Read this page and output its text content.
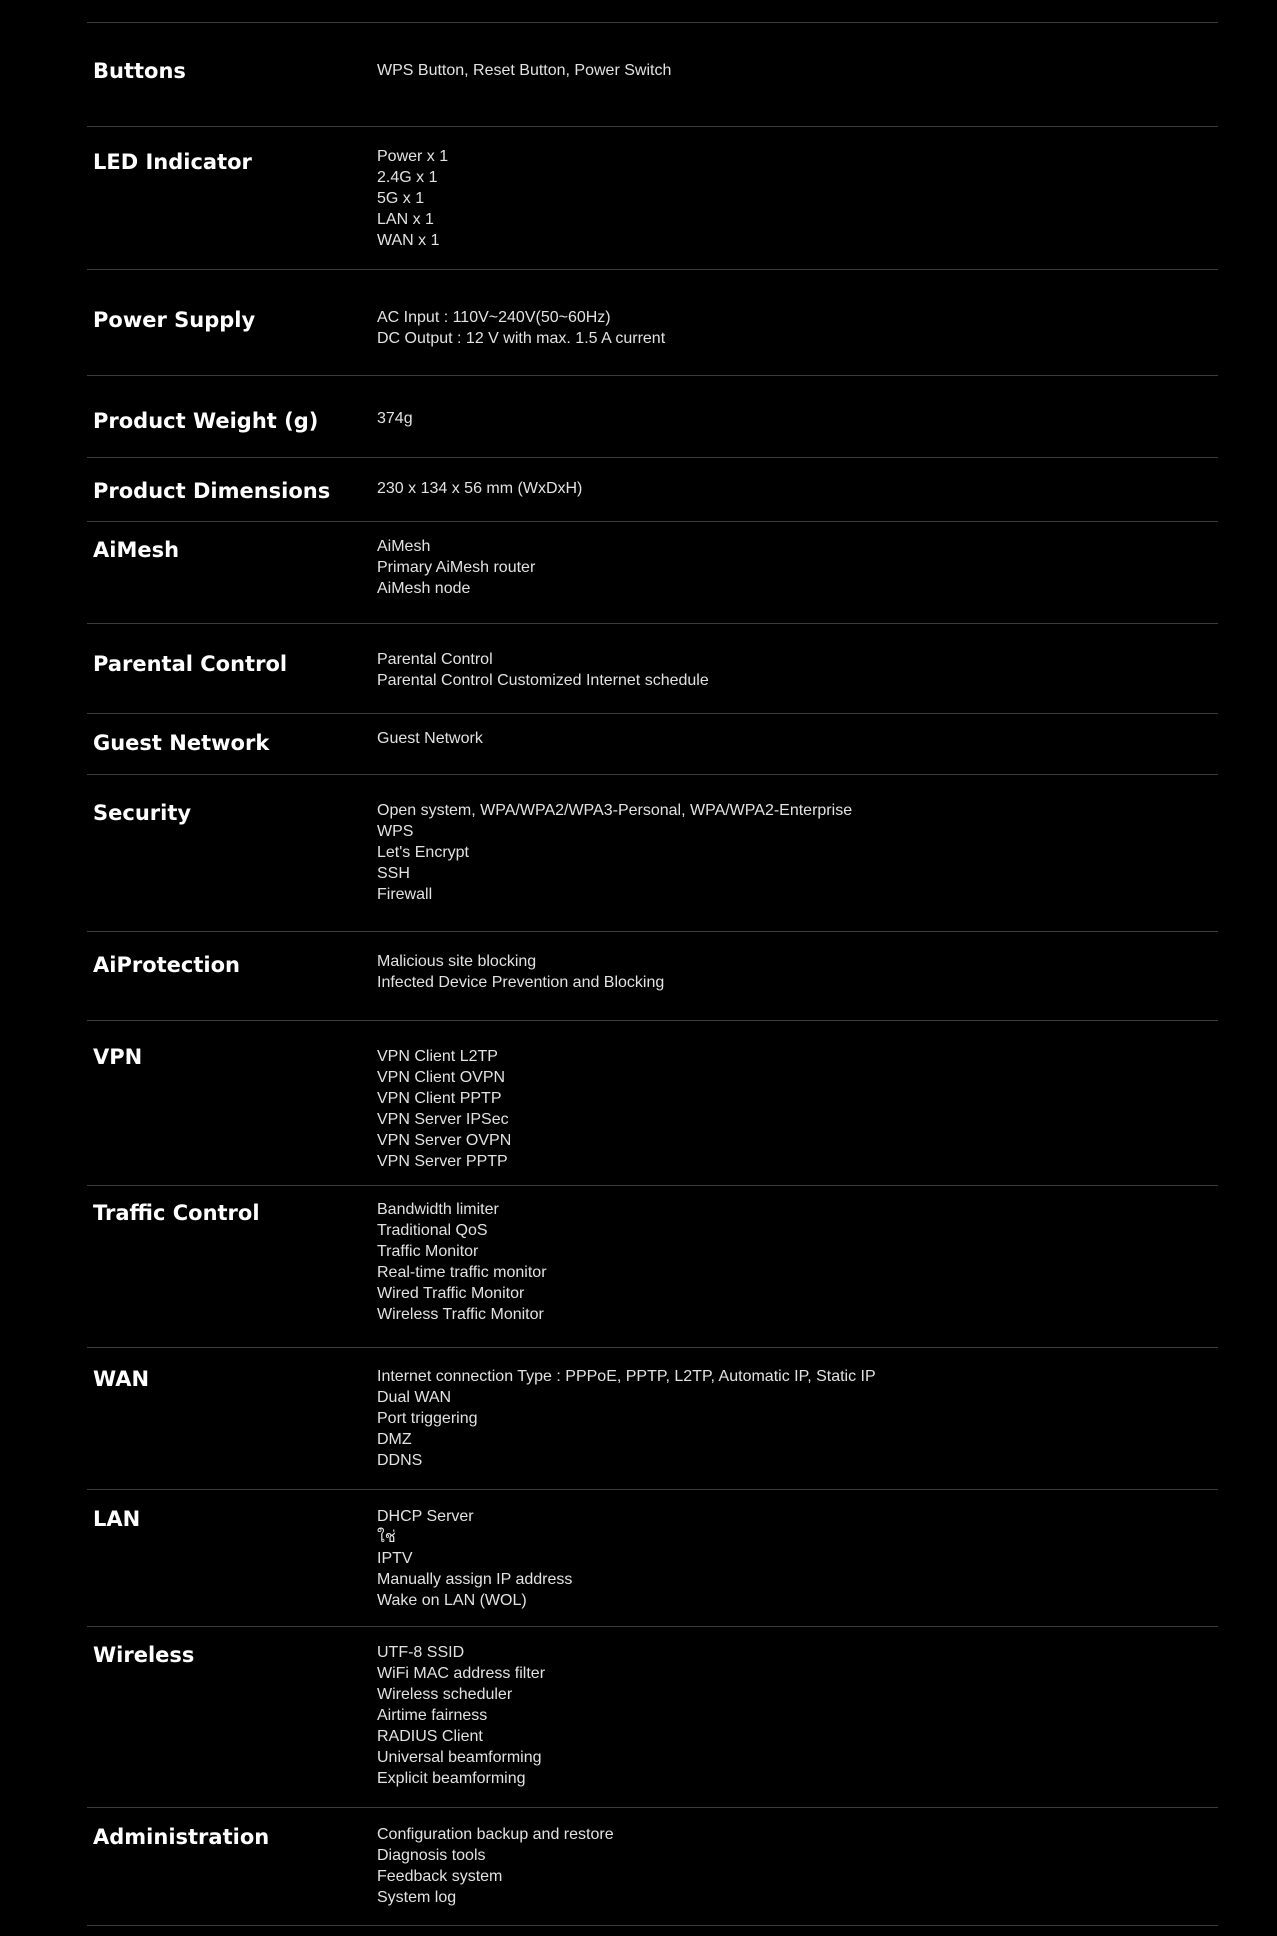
Buttons	WPS Button, Reset Button, Power Switch
LED Indicator	Power x 1
2.4G x 1
5G x 1
LAN x 1
WAN x 1
Power Supply	AC Input : 110V~240V(50~60Hz)
DC Output : 12 V with max. 1.5 A current
Product Weight (g)	374g
Product Dimensions	230 x 134 x 56 mm (WxDxH)
AiMesh	AiMesh
Primary AiMesh router
AiMesh node
Parental Control	Parental Control
Parental Control Customized Internet schedule
Guest Network	Guest Network
Security	Open system, WPA/WPA2/WPA3-Personal, WPA/WPA2-Enterprise
WPS
Let's Encrypt
SSH
Firewall
AiProtection	Malicious site blocking
Infected Device Prevention and Blocking
VPN	VPN Client L2TP
VPN Client OVPN
VPN Client PPTP
VPN Server IPSec
VPN Server OVPN
VPN Server PPTP
Traffic Control	Bandwidth limiter
Traditional QoS
Traffic Monitor
Real-time traffic monitor
Wired Traffic Monitor
Wireless Traffic Monitor
WAN	Internet connection Type : PPPoE, PPTP, L2TP, Automatic IP, Static IP
Dual WAN
Port triggering
DMZ
DDNS
LAN	DHCP Server
ใช่
IPTV
Manually assign IP address
Wake on LAN (WOL)
Wireless	UTF-8 SSID
WiFi MAC address filter
Wireless scheduler
Airtime fairness
RADIUS Client
Universal beamforming
Explicit beamforming
Administration	Configuration backup and restore
Diagnosis tools
Feedback system
System log
